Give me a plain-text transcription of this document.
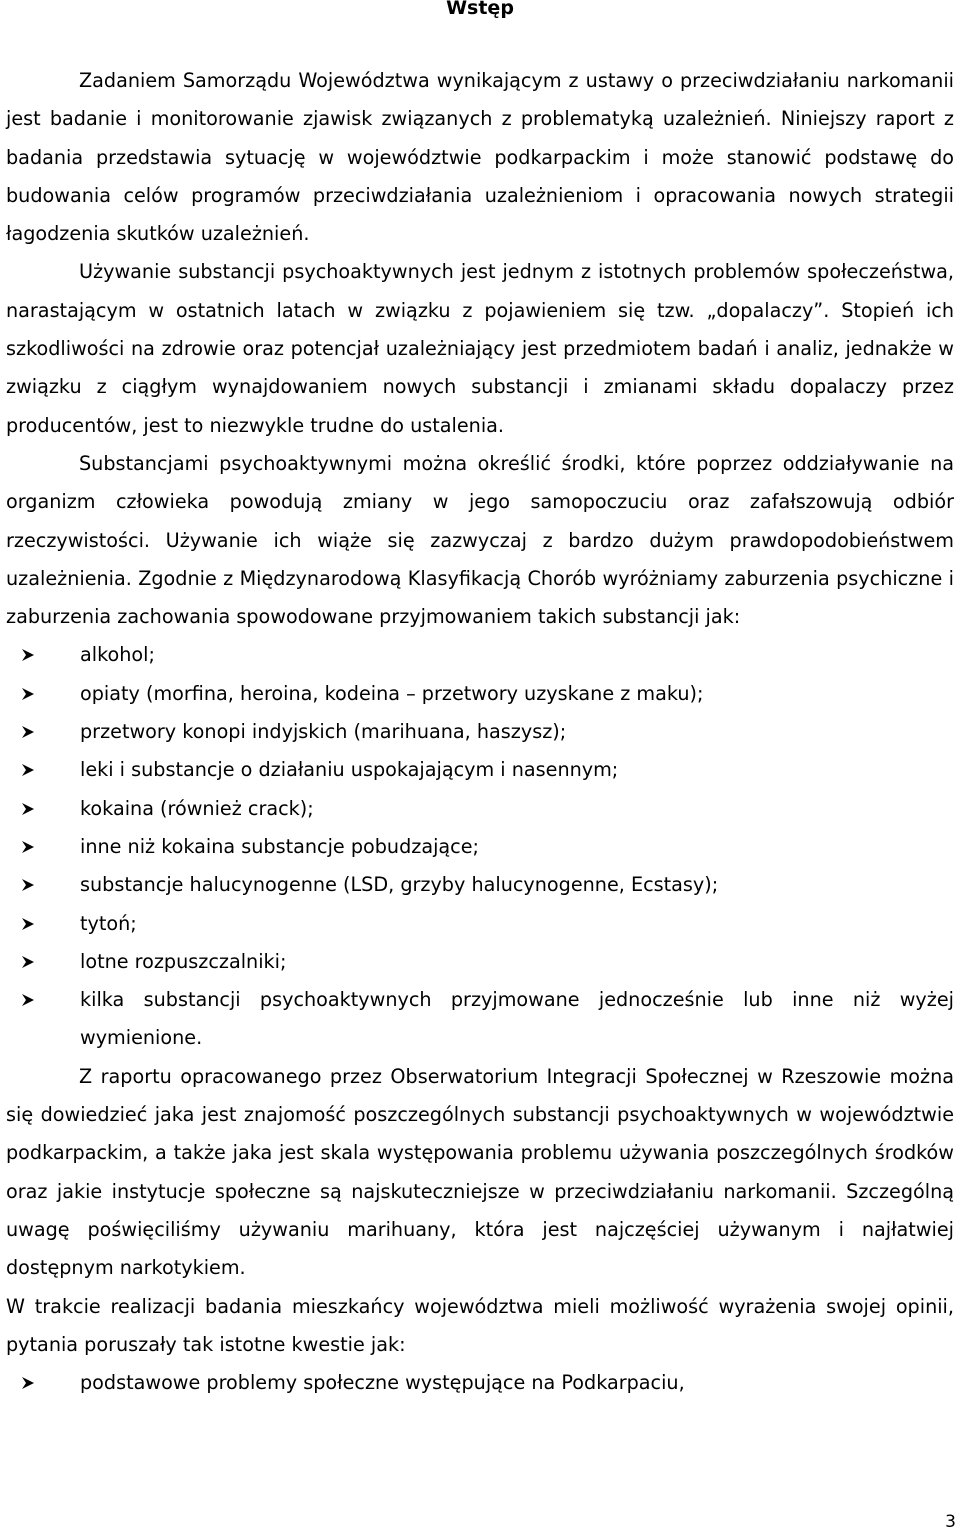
Wstęp

Zadaniem Samorządu Województwa wynikającym z ustawy o przeciwdziałaniu narkomanii jest badanie i monitorowanie zjawisk związanych z problematyką uzależnień. Niniejszy raport z badania przedstawia sytuację w województwie podkarpackim i może stanowić podstawę do budowania celów programów przeciwdziałania uzależnieniom i opracowania nowych strategii łagodzenia skutków uzależnień.

Używanie substancji psychoaktywnych jest jednym z istotnych problemów społeczeństwa, narastającym w ostatnich latach w związku z pojawieniem się tzw. „dopalaczy”. Stopień ich szkodliwości na zdrowie oraz potencjał uzależniający jest przedmiotem badań i analiz, jednakże w związku z ciągłym wynajdowaniem nowych substancji i zmianami składu dopalaczy przez producentów, jest to niezwykle trudne do ustalenia.

Substancjami psychoaktywnymi można określić środki, które poprzez oddziaływanie na organizm człowieka powodują zmiany w jego samopoczuciu oraz zafałszowują odbiór rzeczywistości. Używanie ich wiąże się zazwyczaj z bardzo dużym prawdopodobieństwem uzależnienia. Zgodnie z Międzynarodową Klasyfikacją Chorób wyróżniamy zaburzenia psychiczne i zaburzenia zachowania spowodowane przyjmowaniem takich substancji jak:

alkohol;
opiaty (morfina, heroina, kodeina – przetwory uzyskane z maku);
przetwory konopi indyjskich (marihuana, haszysz);
leki i substancje o działaniu uspokajającym i nasennym;
kokaina (również crack);
inne niż kokaina substancje pobudzające;
substancje halucynogenne (LSD, grzyby halucynogenne, Ecstasy);
tytoń;
lotne rozpuszczalniki;
kilka substancji psychoaktywnych przyjmowane jednocześnie lub inne niż wyżej wymienione.

Z raportu opracowanego przez Obserwatorium Integracji Społecznej w Rzeszowie można się dowiedzieć jaka jest znajomość poszczególnych substancji psychoaktywnych w województwie podkarpackim, a także jaka jest skala występowania problemu używania poszczególnych środków oraz jakie instytucje społeczne są najskuteczniejsze w przeciwdziałaniu narkomanii. Szczególną uwagę poświęciliśmy używaniu marihuany, która jest najczęściej używanym i najłatwiej dostępnym narkotykiem.

W trakcie realizacji badania mieszkańcy województwa mieli możliwość wyrażenia swojej opinii, pytania poruszały tak istotne kwestie jak:

podstawowe problemy społeczne występujące na Podkarpaciu,
3
